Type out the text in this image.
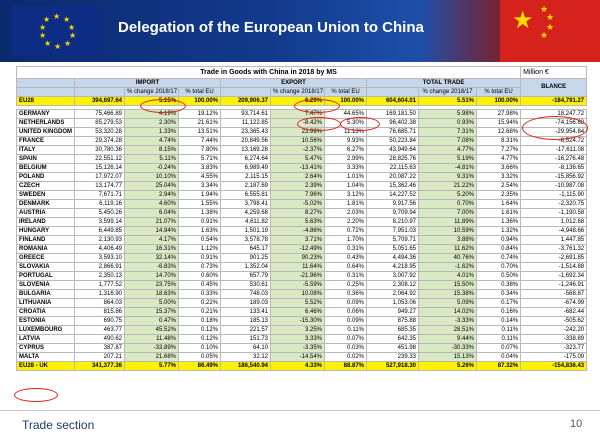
★ ★
★
★
★
★
★
★
★
★	Delegation of the European Union to China	★ ★
★
★
★
Trade in Goods with China in 2018 by MS										Million €
	IMPORT			EXPORT			TOTAL TRADE			BLANCE
		% change 2018/17	% total EU		% change 2018/17	% total EU		% change 2018/17	% total EU	
EU28	394,697.64	5.15%	100.00%	209,906.37	6.20%	100.00%	604,604.01	5.51%	100.00%	-184,791.27

GERMANY	75,466.89	4.19%	19.12%	93,714.61	7.47%	44.65%	169,181.50	5.98%	27.98%	18,247.72
NETHERLANDS	85,279.53	2.30%	21.61%	11,122.85	-8.42%	5.30%	96,402.38	0.93%	15.94%	-74,156.68
UNITED KINGDOM	53,320.28	1.33%	13.51%	23,365.43	23.99%	11.13%	76,685.71	7.31%	12.68%	-29,954.84
FRANCE	29,374.28	4.74%	7.44%	20,849.56	10.56%	9.93%	50,223.84	7.08%	8.31%	-8,524.72
ITALY	30,780.36	8.15%	7.80%	13,169.28	-2.37%	6.27%	43,949.64	4.77%	7.27%	-17,611.08
SPAIN	22,551.12	5.11%	5.71%	6,274.64	5.47%	2.99%	28,825.76	5.19%	4.77%	-16,276.48
BELGIUM	15,126.14	-0.24%	3.83%	6,989.49	-13.41%	3.33%	22,115.63	-4.81%	3.66%	-8,136.65
POLAND	17,972.07	10.10%	4.55%	2,115.15	2.64%	1.01%	20,087.22	9.31%	3.32%	-15,856.92
CZECH	13,174.77	25.04%	3.34%	2,187.69	2.39%	1.04%	15,362.46	21.22%	2.54%	-10,987.08
SWEDEN	7,671.71	2.94%	1.94%	6,555.81	7.96%	3.12%	14,227.52	5.20%	2.35%	-1,115.90
DENMARK	6,119.16	4.60%	1.55%	3,798.41	-5.02%	1.81%	9,917.56	0.70%	1.64%	-2,320.75
AUSTRIA	5,450.26	6.04%	1.38%	4,259.68	8.27%	2.03%	9,709.94	7.00%	1.61%	-1,190.58
IRELAND	3,599.14	21.07%	0.91%	4,611.82	5.63%	2.20%	8,210.97	11.89%	1.36%	1,012.68
HUNGARY	6,449.85	14.94%	1.63%	1,501.19	-4.86%	0.72%	7,951.03	10.59%	1.32%	-4,948.66
FINLAND	2,130.93	4.17%	0.54%	3,578.78	3.71%	1.70%	5,709.71	3.88%	0.94%	1,447.85
ROMANIA	4,406.49	16.31%	1.12%	645.17	-12.49%	0.31%	5,051.65	11.62%	0.84%	-3,761.32
GREECE	3,593.10	32.14%	0.91%	901.25	90.23%	0.43%	4,494.36	40.76%	0.74%	-2,691.85
SLOVAKIA	2,866.91	-6.83%	0.73%	1,352.04	11.64%	0.64%	4,218.95	-1.62%	0.70%	-1,514.88
PORTUGAL	2,350.13	14.70%	0.60%	657.79	-21.96%	0.31%	3,007.92	4.01%	0.50%	-1,692.34
SLOVENIA	1,777.52	23.75%	0.45%	530.61	-5.59%	0.25%	2,308.12	15.50%	0.38%	-1,246.91
BULGARIA	1,316.90	18.63%	0.33%	748.03	10.08%	0.36%	2,064.92	15.38%	0.34%	-568.87
LITHUANIA	864.03	5.00%	0.22%	189.03	5.52%	0.09%	1,053.06	5.09%	0.17%	-674.99
CROATIA	815.86	15.37%	0.21%	133.41	6.46%	0.06%	949.27	14.02%	0.16%	-682.44
ESTONIA	690.75	0.47%	0.18%	185.13	-15.30%	0.09%	875.88	-3.33%	0.14%	-505.62
LUXEMBOURG	463.77	45.52%	0.12%	221.57	3.25%	0.11%	685.35	28.51%	0.11%	-242.20
LATVIA	490.62	11.48%	0.12%	151.73	3.33%	0.07%	642.35	9.44%	0.11%	-338.89
CYPRUS	387.87	-33.89%	0.10%	64.10	-3.35%	0.03%	451.98	-30.33%	0.07%	-323.77
MALTA	207.21	21.68%	0.05%	32.12	-14.54%	0.02%	239.33	15.13%	0.04%	-175.09
EU28 - UK	341,377.36	5.77%	86.49%	186,540.94	4.33%	88.87%	527,918.30	5.26%	87.32%	-154,836.43
Trade section	10
